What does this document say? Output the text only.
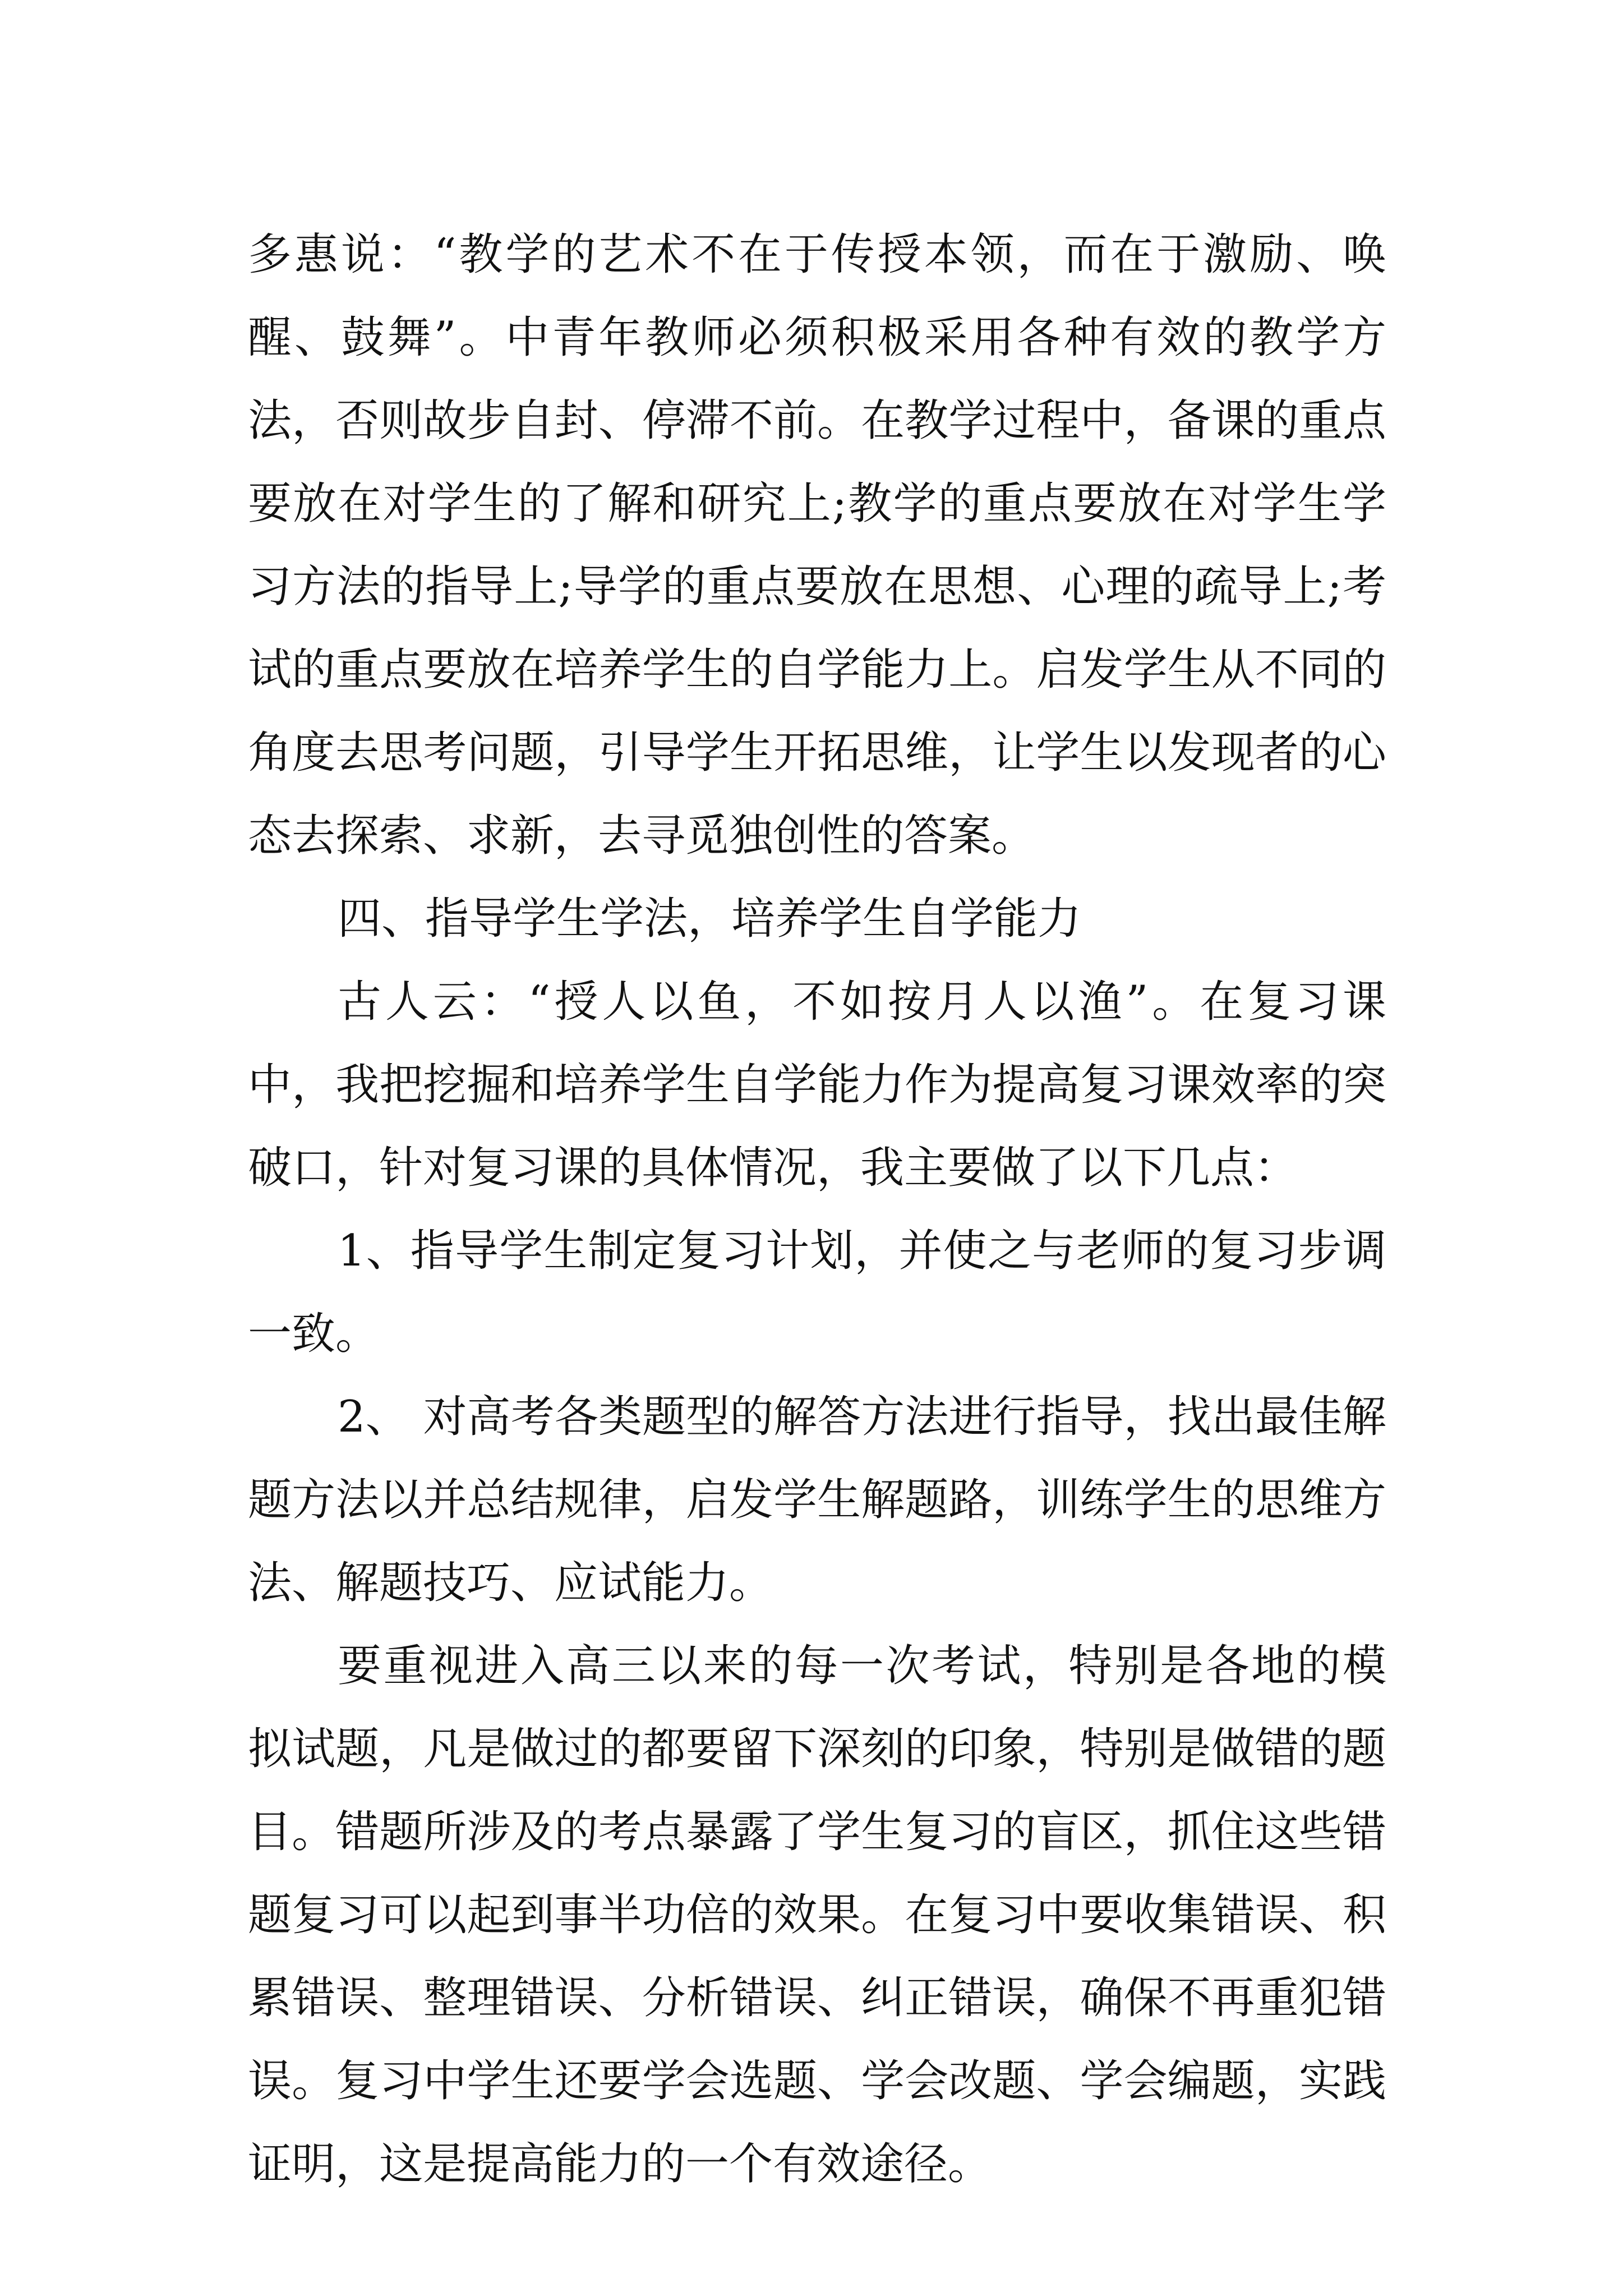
多惠说：“教学的艺术不在于传授本领，而在于激励、唤醒、鼓舞”。中青年教师必须积极采用各种有效的教学方法，否则故步自封、停滞不前。在教学过程中，备课的重点要放在对学生的了解和研究上;教学的重点要放在对学生学习方法的指导上;导学的重点要放在思想、心理的疏导上;考试的重点要放在培养学生的自学能力上。启发学生从不同的角度去思考问题，引导学生开拓思维，让学生以发现者的心态去探索、求新，去寻觅独创性的答案。

四、指导学生学法，培养学生自学能力

古人云：“授人以鱼，不如按月人以渔”。在复习课中，我把挖掘和培养学生自学能力作为提高复习课效率的突破口，针对复习课的具体情况，我主要做了以下几点：

1、指导学生制定复习计划，并使之与老师的复习步调一致。

2、 对高考各类题型的解答方法进行指导，找出最佳解题方法以并总结规律，启发学生解题路，训练学生的思维方法、解题技巧、应试能力。

要重视进入高三以来的每一次考试，特别是各地的模拟试题，凡是做过的都要留下深刻的印象，特别是做错的题目。错题所涉及的考点暴露了学生复习的盲区，抓住这些错题复习可以起到事半功倍的效果。在复习中要收集错误、积累错误、整理错误、分析错误、纠正错误，确保不再重犯错误。复习中学生还要学会选题、学会改题、学会编题，实践证明，这是提高能力的一个有效途径。
